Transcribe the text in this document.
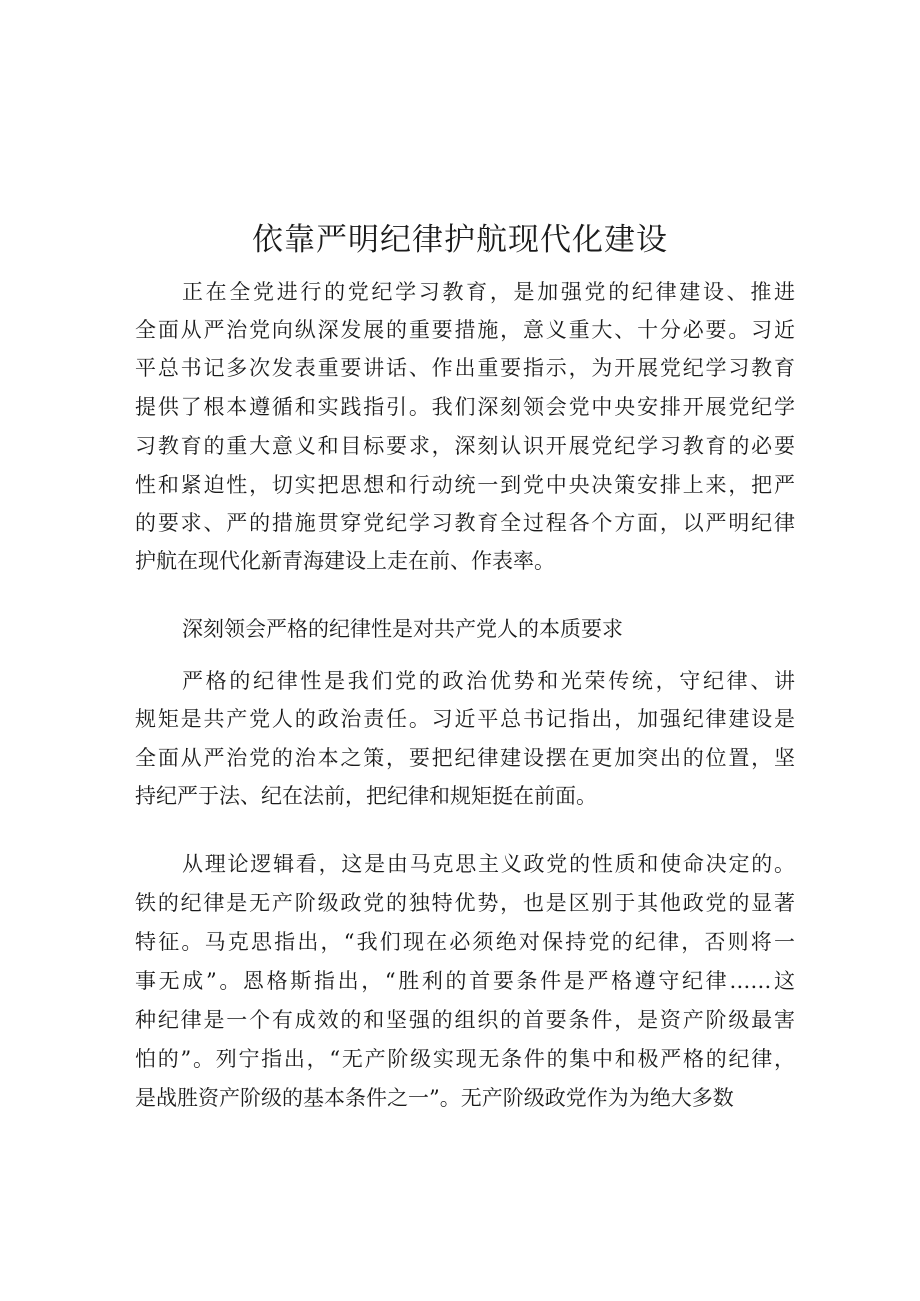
依靠严明纪律护航现代化建设

正在全党进行的党纪学习教育，是加强党的纪律建设、推进

全面从严治党向纵深发展的重要措施，意义重大、十分必要。习近

平总书记多次发表重要讲话、作出重要指示，为开展党纪学习教育

提供了根本遵循和实践指引。我们深刻领会党中央安排开展党纪学

习教育的重大意义和目标要求，深刻认识开展党纪学习教育的必要

性和紧迫性，切实把思想和行动统一到党中央决策安排上来，把严

的要求、严的措施贯穿党纪学习教育全过程各个方面，以严明纪律

护航在现代化新青海建设上走在前、作表率。

深刻领会严格的纪律性是对共产党人的本质要求

严格的纪律性是我们党的政治优势和光荣传统，守纪律、讲

规矩是共产党人的政治责任。习近平总书记指出，加强纪律建设是

全面从严治党的治本之策，要把纪律建设摆在更加突出的位置，坚

持纪严于法、纪在法前，把纪律和规矩挺在前面。

从理论逻辑看，这是由马克思主义政党的性质和使命决定的。

铁的纪律是无产阶级政党的独特优势，也是区别于其他政党的显著

特征。马克思指出，“我们现在必须绝对保持党的纪律，否则将一

事无成”。恩格斯指出，“胜利的首要条件是严格遵守纪律……这

种纪律是一个有成效的和坚强的组织的首要条件，是资产阶级最害

怕的”。列宁指出，“无产阶级实现无条件的集中和极严格的纪律，

是战胜资产阶级的基本条件之一”。无产阶级政党作为为绝大多数
